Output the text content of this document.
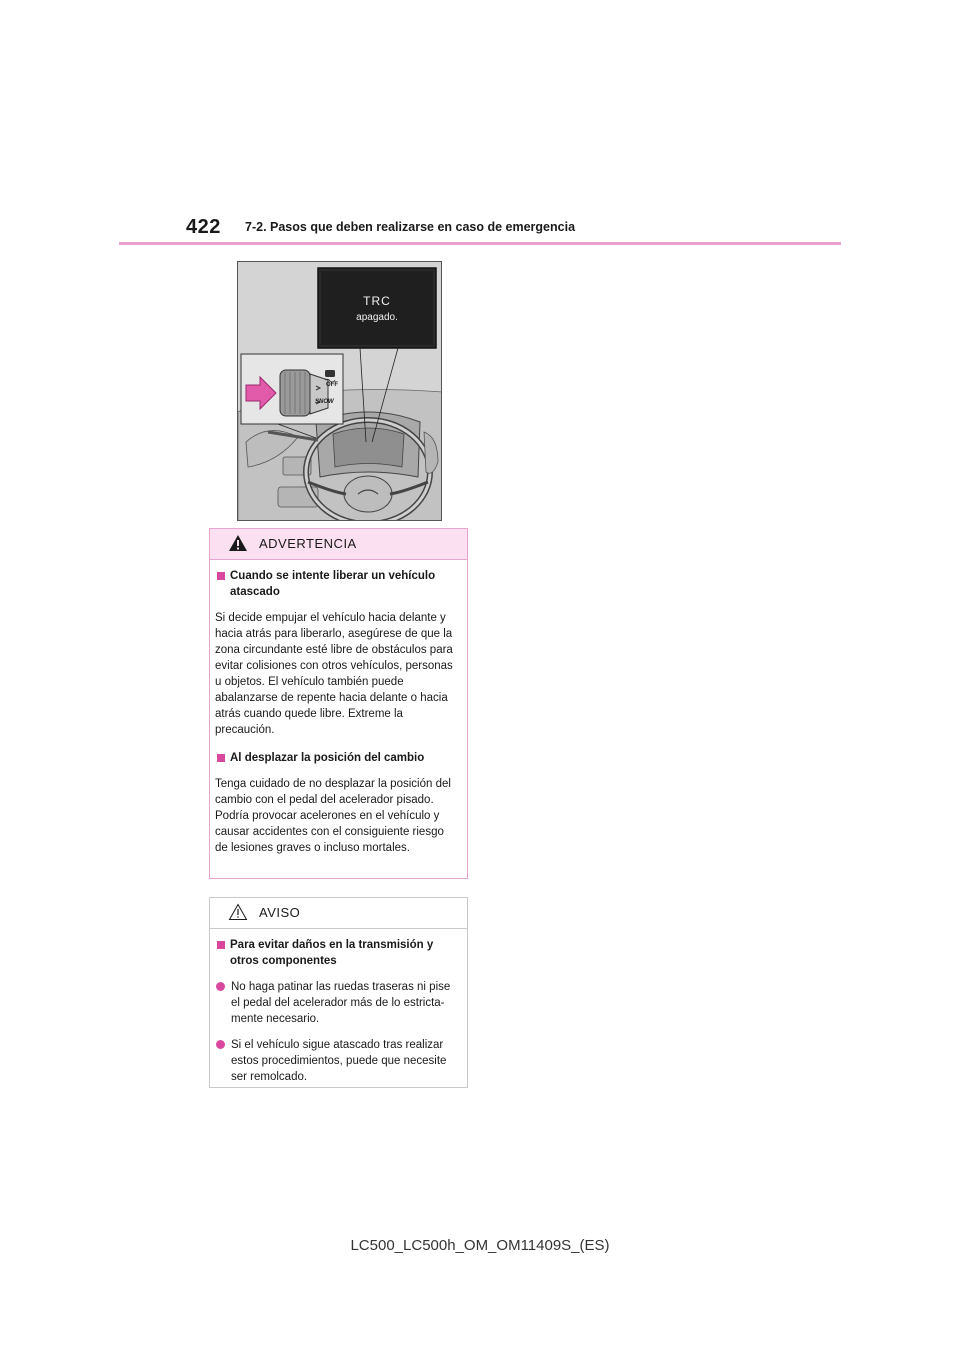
422 7-2. Pasos que deben realizarse en caso de emergencia
TRC
apagado.
OFF
SNOW
ADVERTENCIA
Cuando se intente liberar un vehículo atascado
Si decide empujar el vehículo hacia delante y hacia atrás para liberarlo, asegúrese de que la zona circundante esté libre de obstáculos para evitar colisiones con otros vehículos, personas u objetos. El vehículo también puede abalanzarse de repente hacia delante o hacia atrás cuando quede libre. Extreme la precaución.
Al desplazar la posición del cambio
Tenga cuidado de no desplazar la posición del cambio con el pedal del acelerador pisado.
Podría provocar acelerones en el vehículo y causar accidentes con el consiguiente riesgo de lesiones graves o incluso mortales.
AVISO
Para evitar daños en la transmisión y otros componentes
No haga patinar las ruedas traseras ni pise el pedal del acelerador más de lo estricta-mente necesario.
Si el vehículo sigue atascado tras realizar estos procedimientos, puede que necesite ser remolcado.
LC500_LC500h_OM_OM11409S_(ES)
